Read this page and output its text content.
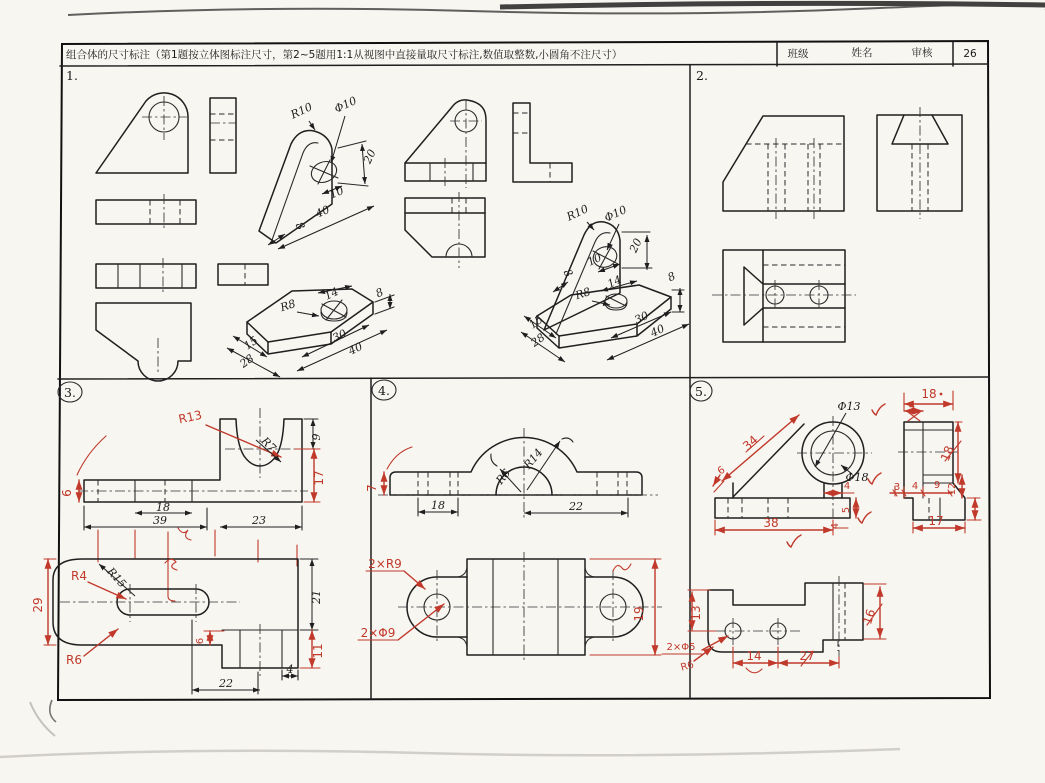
组合体的尺寸标注（第1题按立体图标注尺寸，第2~5题用1:1从视图中直接量取尺寸标注,数值取整数,小圆角不注尺寸）	班级	姓名	审核	26
1.
R10 Φ10
20
10
8
40
R8
14	8
15
28
30
40
R10 Φ10
20
10
8	14	8
R8
15
28
30
40
2.
3.
9
17
6
18
39	23
R13
R7
22
4
21
11
6
29
R4 R15
R6
4.
R6
R14
7
18	22
2×R9
2×Φ9
19
5.
Φ13
Φ18
34
6
4
5
38	4
18
4
18
12
3 4 9
17
13
2×Φ5
R6
14	27
16
